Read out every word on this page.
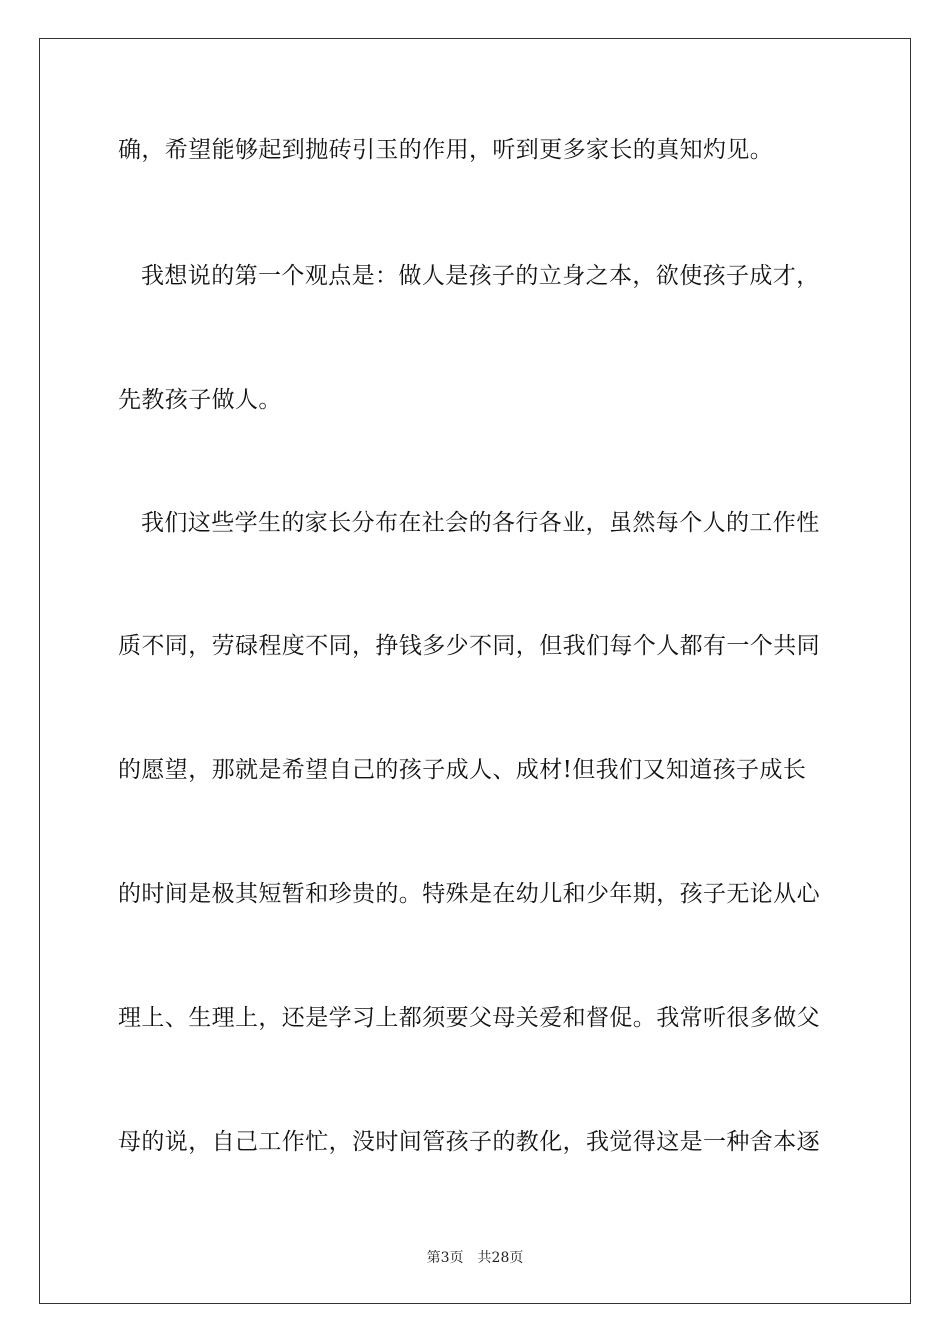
确，希望能够起到抛砖引玉的作用，听到更多家长的真知灼见。
我想说的第一个观点是：做人是孩子的立身之本，欲使孩子成才，
先教孩子做人。
我们这些学生的家长分布在社会的各行各业，虽然每个人的工作性
质不同，劳碌程度不同，挣钱多少不同，但我们每个人都有一个共同
的愿望，那就是希望自己的孩子成人、成材!但我们又知道孩子成长
的时间是极其短暂和珍贵的。特殊是在幼儿和少年期，孩子无论从心
理上、生理上，还是学习上都须要父母关爱和督促。我常听很多做父
母的说，自己工作忙，没时间管孩子的教化，我觉得这是一种舍本逐
第3页 共28页
